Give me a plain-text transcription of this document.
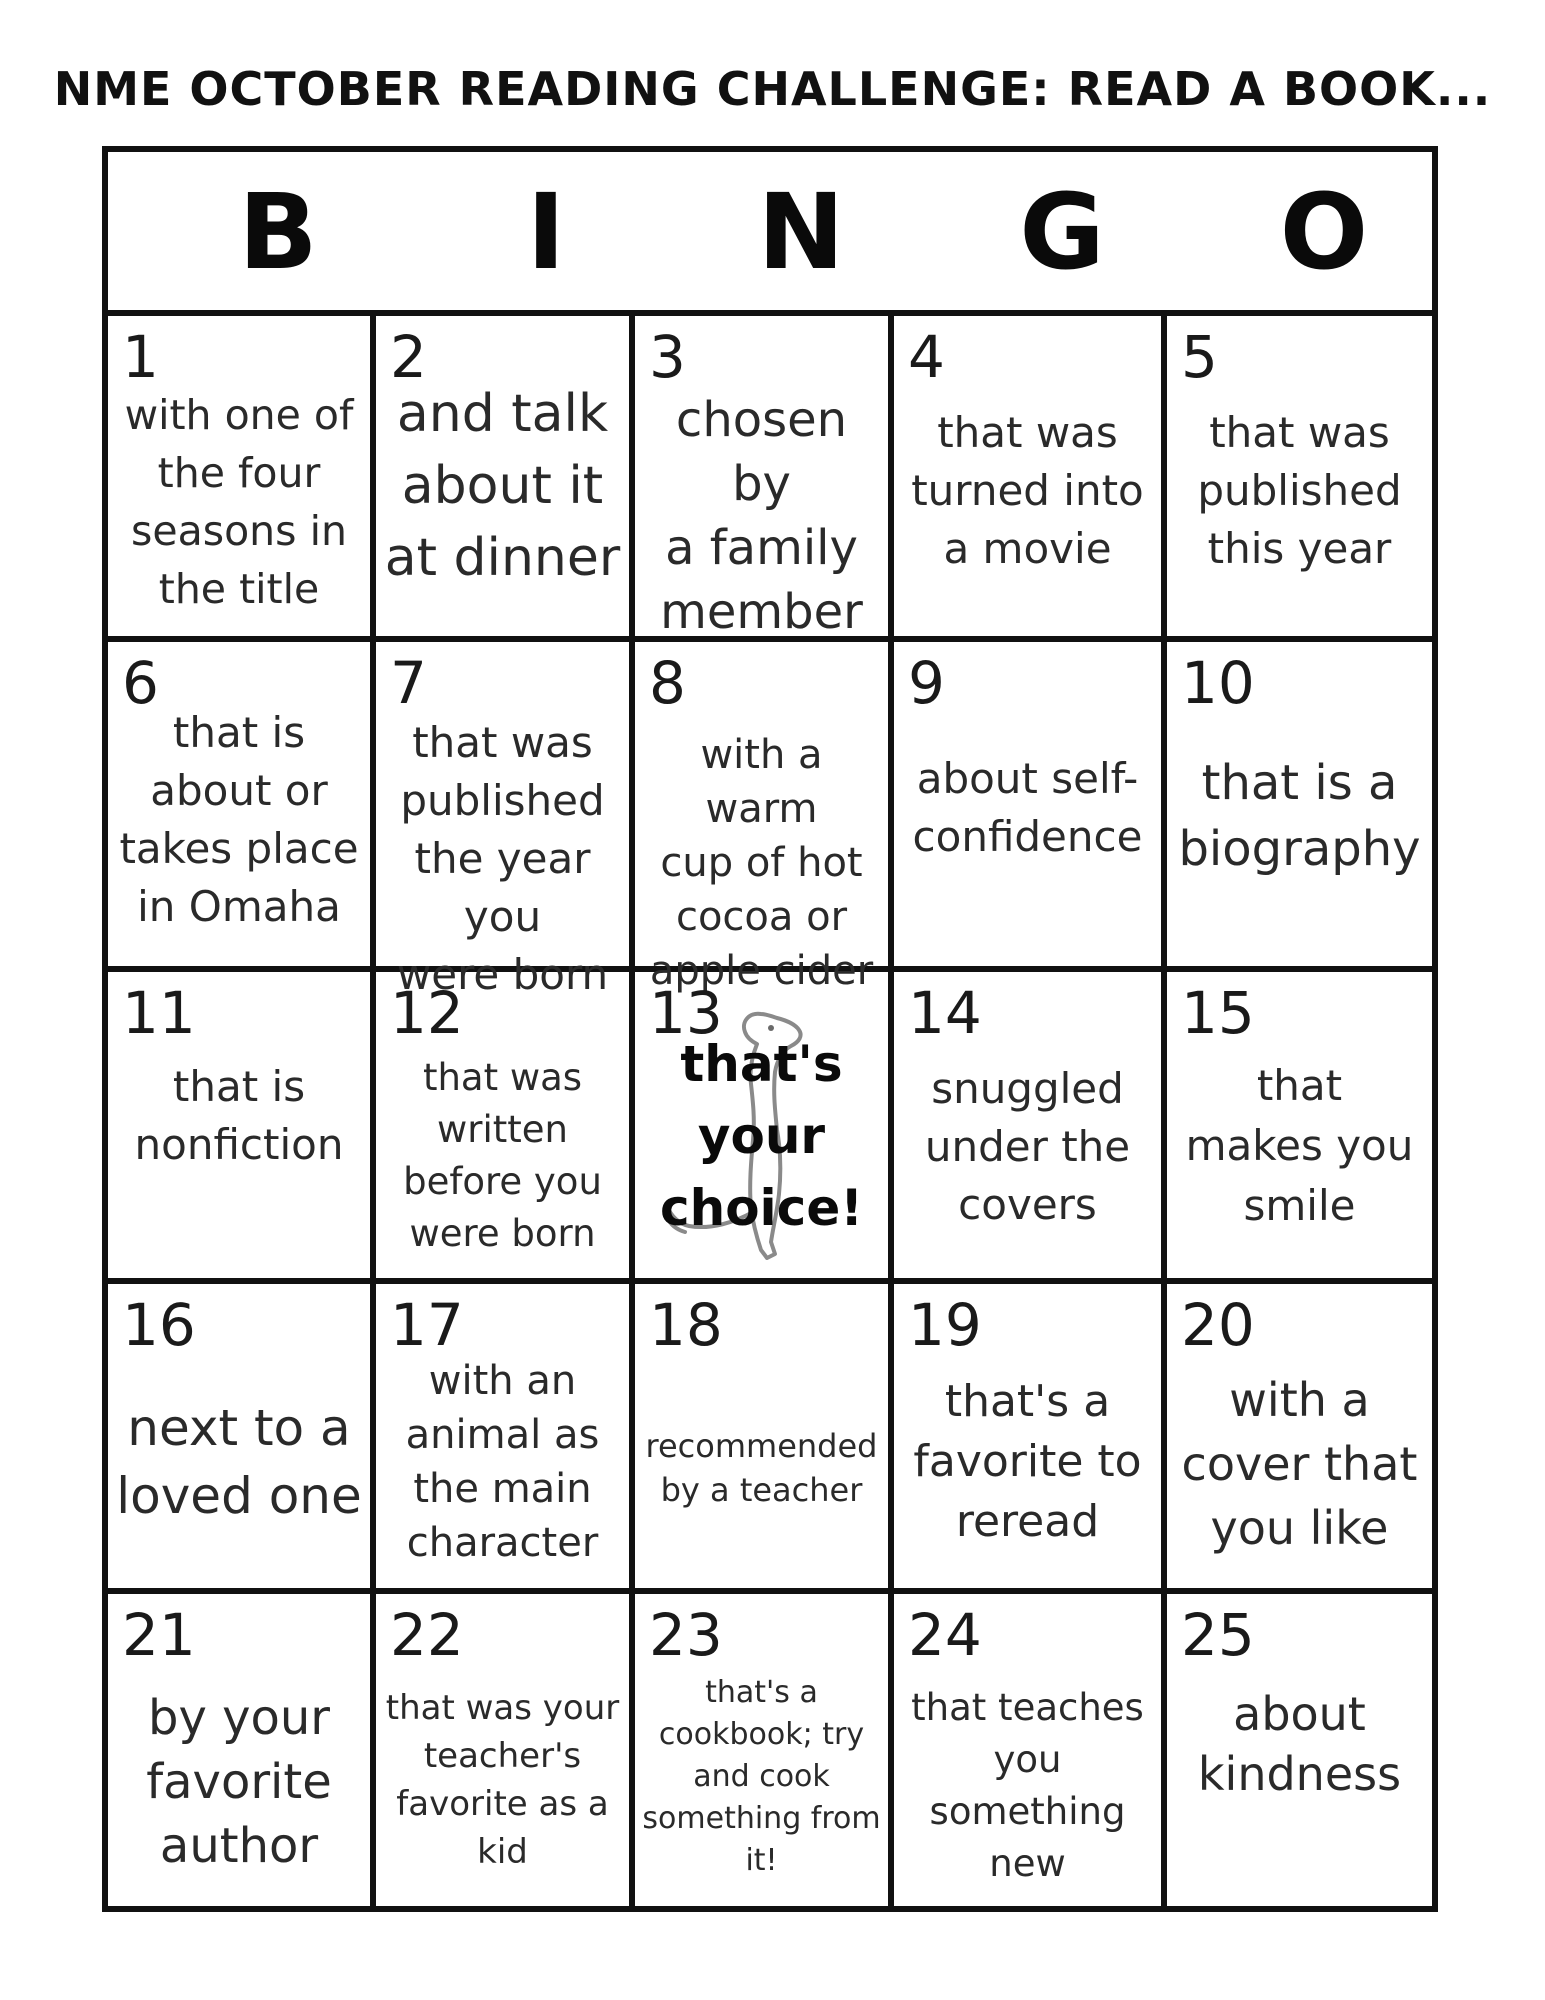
NME OCTOBER READING CHALLENGE: READ A BOOK...
B	I	N G O
1
with one of
the four
seasons in
the title
2
and talk
about it
at dinner
3
chosen by
a family
member
4
that was
turned into
a movie
5
that was
published
this year
6
that is
about or
takes place
in Omaha
7
that was
published
the year you
were born
8
with a warm
cup of hot
cocoa or
apple cider
9
about self-
confidence
10
that is a
biography
11
that is
nonfiction
12
that was
written
before you
were born
13
that's
your
choice!
14
snuggled
under the
covers
15
that
makes you
smile
16
next to a
loved one
17
with an
animal as
the main
character
18
recommended
by a teacher
19
that's a
favorite to
reread
20
with a
cover that
you like
21
by your
favorite
author
22
that was your
teacher's
favorite as a
kid
23
that's a
cookbook; try
and cook
something from
it!
24
that teaches
you
something
new
25
about
kindness
